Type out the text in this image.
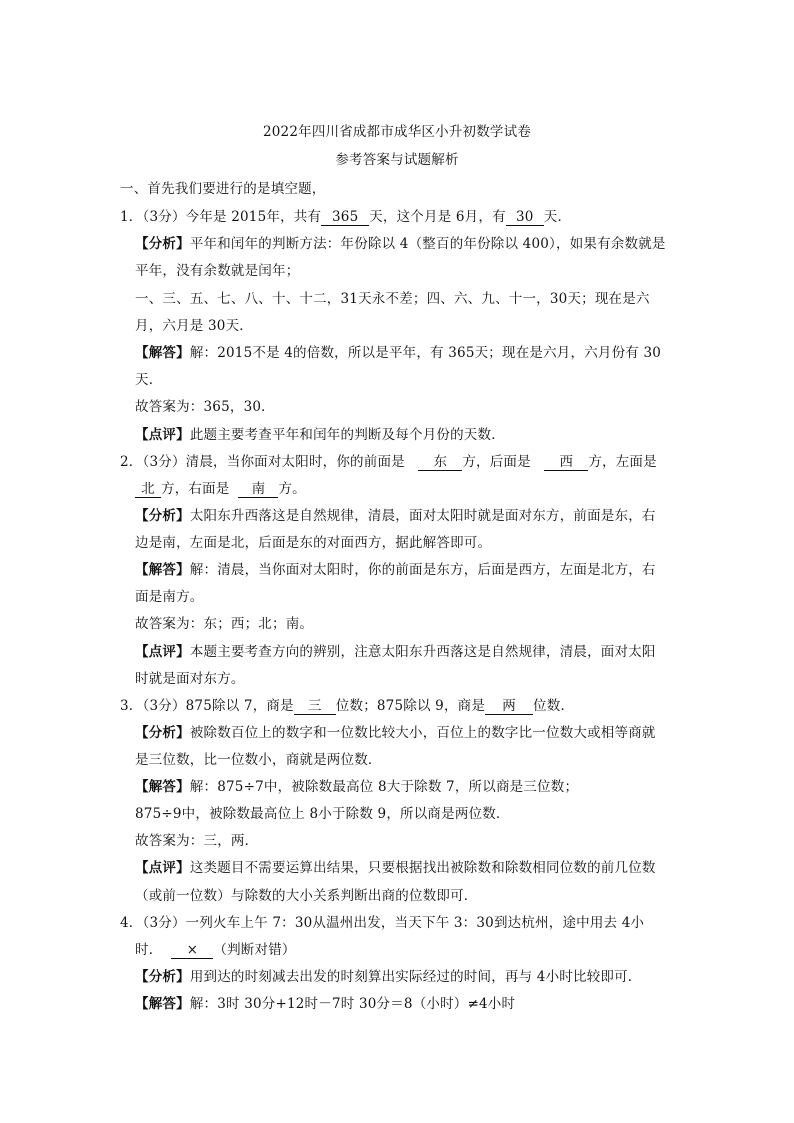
2022年四川省成都市成华区小升初数学试卷
参考答案与试题解析
一、首先我们要进行的是填空题，
1．（3分）今年是 2015年，共有 365 天，这个月是 6月，有 30 天．
【分析】平年和闰年的判断方法：年份除以 4（整百的年份除以 400），如果有余数就是
平年，没有余数就是闰年；
一、三、五、七、八、十、十二，31天永不差；四、六、九、十一，30天；现在是六
月，六月是 30天．
【解答】解：2015不是 4的倍数，所以是平年，有 365天；现在是六月，六月份有 30
天．
故答案为：365，30．
【点评】此题主要考查平年和闰年的判断及每个月份的天数．
2．（3分）清晨，当你面对太阳时，你的前面是 东 方，后面是 西 方，左面是
北 方，右面是 南 方。
【分析】太阳东升西落这是自然规律，清晨，面对太阳时就是面对东方，前面是东，右
边是南，左面是北，后面是东的对面西方，据此解答即可。
【解答】解：清晨，当你面对太阳时，你的前面是东方，后面是西方，左面是北方，右
面是南方。
故答案为：东；西；北；南。
【点评】本题主要考查方向的辨别，注意太阳东升西落这是自然规律，清晨，面对太阳
时就是面对东方。
3．（3分）875除以 7，商是 三 位数；875除以 9，商是 两 位数．
【分析】被除数百位上的数字和一位数比较大小，百位上的数字比一位数大或相等商就
是三位数，比一位数小，商就是两位数．
【解答】解：875÷7中，被除数最高位 8大于除数 7，所以商是三位数；
875÷9中，被除数最高位上 8小于除数 9，所以商是两位数．
故答案为：三，两．
【点评】这类题目不需要运算出结果，只要根据找出被除数和除数相同位数的前几位数
（或前一位数）与除数的大小关系判断出商的位数即可．
4．（3分）一列火车上午 7：30从温州出发，当天下午 3：30到达杭州，途中用去 4小
时． × （判断对错）
【分析】用到达的时刻减去出发的时刻算出实际经过的时间，再与 4小时比较即可．
【解答】解：3时 30分+12时－7时 30分＝8（小时）≠4小时
